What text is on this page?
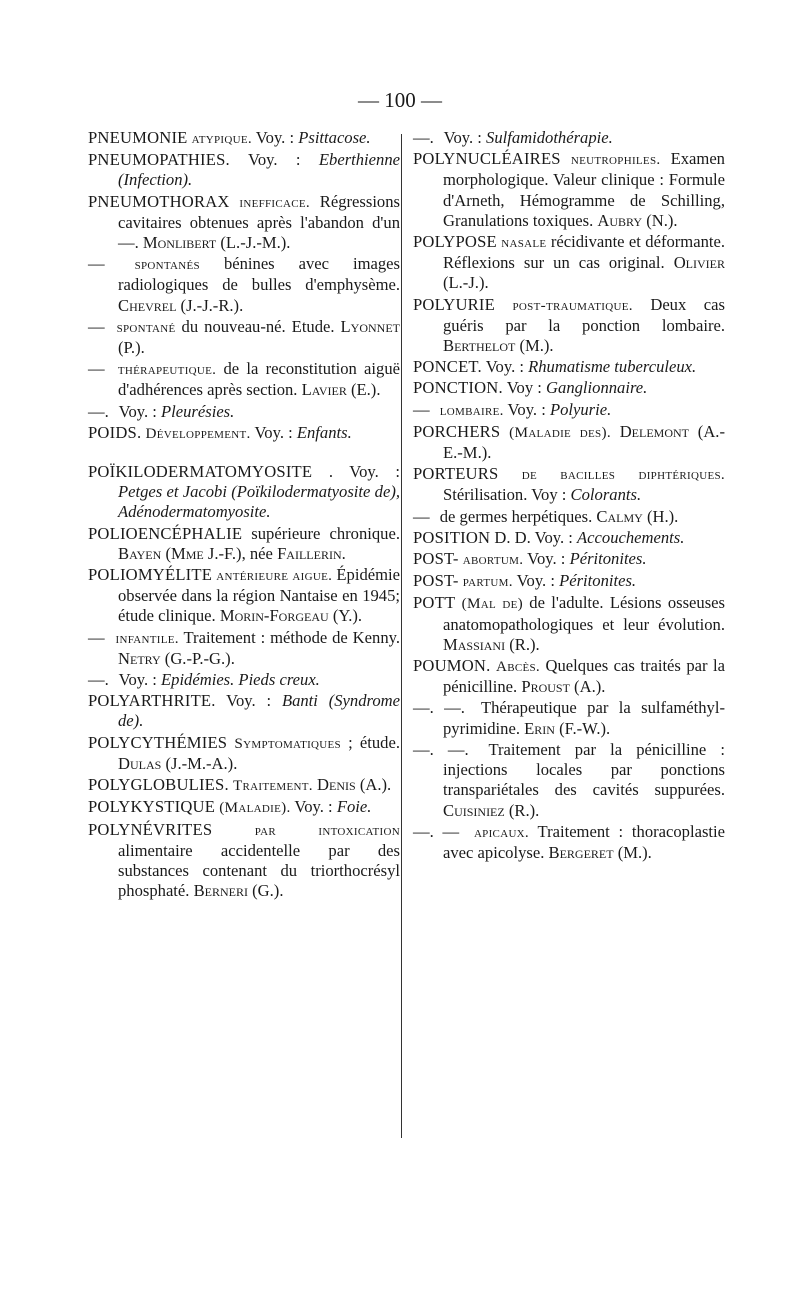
— 100 —

PNEUMONIE atypique. Voy. : Psittacose.

PNEUMOPATHIES. Voy. : Eberthienne (Infection).

PNEUMOTHORAX inefficace. Régressions cavitaires obtenues après l'abandon d'un —. Monlibert (L.-J.-M.).

— spontanés bénines avec images radiologiques de bulles d'emphysème. Chevrel (J.-J.-R.).

— spontané du nouveau-né. Etude. Lyonnet (P.).

— thérapeutique. de la reconstitution aiguë d'adhérences après section. Lavier (E.).

—. Voy. : Pleurésies.

POIDS. Développement. Voy. : Enfants.

POÏKILODERMATOMYOSITE . Voy. : Petges et Jacobi (Poïkilodermatyosite de), Adénodermatomyosite.

POLIOENCÉPHALIE supérieure chronique. Bayen (Mme J.-F.), née Faillerin.

POLIOMYÉLITE antérieure aigue. Épidémie observée dans la région Nantaise en 1945; étude clinique. Morin-Forgeau (Y.).

— infantile. Traitement : méthode de Kenny. Netry (G.-P.-G.).

—. Voy. : Epidémies. Pieds creux.

POLYARTHRITE. Voy. : Banti (Syndrome de).

POLYCYTHÉMIES Symptomatiques ; étude. Dulas (J.-M.-A.).

POLYGLOBULIES. Traitement. Denis (A.).

POLYKYSTIQUE (Maladie). Voy. : Foie.

POLYNÉVRITES	par intoxication alimentaire accidentelle par des substances contenant du triorthocrésyl phosphaté. Berneri (G.).

—. Voy. : Sulfamidothérapie.

POLYNUCLÉAIRES neutrophiles. Examen morphologique. Valeur clinique : Formule d'Arneth, Hémogramme de Schilling, Granulations toxiques. Aubry (N.).

POLYPOSE nasale récidivante et déformante. Réflexions sur un cas original. Olivier (L.-J.).

POLYURIE post-traumatique. Deux cas guéris par la ponction lombaire. Berthelot (M.).

PONCET. Voy. : Rhumatisme tuberculeux.

PONCTION. Voy : Ganglionnaire.

— lombaire. Voy. : Polyurie.

PORCHERS (Maladie des). Delemont (A.-E.-M.).

PORTEURS de bacilles diphtériques. Stérilisation. Voy : Colorants.

— de germes herpétiques. Calmy (H.).

POSITION D. D. Voy. : Accouchements.

POST- abortum. Voy. : Péritonites.

POST- partum. Voy. : Péritonites.

POTT (Mal de) de l'adulte. Lésions osseuses anatomopathologiques et leur évolution. Massiani (R.).

POUMON. Abcès. Quelques cas traités par la pénicilline. Proust (A.).

—. —. Thérapeutique par la sulfaméthyl-pyrimidine. Erin (F.-W.).

—. —. Traitement par la pénicilline : injections locales par ponctions transpariétales des cavités suppurées. Cuisiniez (R.).

—. — apicaux. Traitement : thoracoplastie avec apicolyse. Bergeret (M.).
